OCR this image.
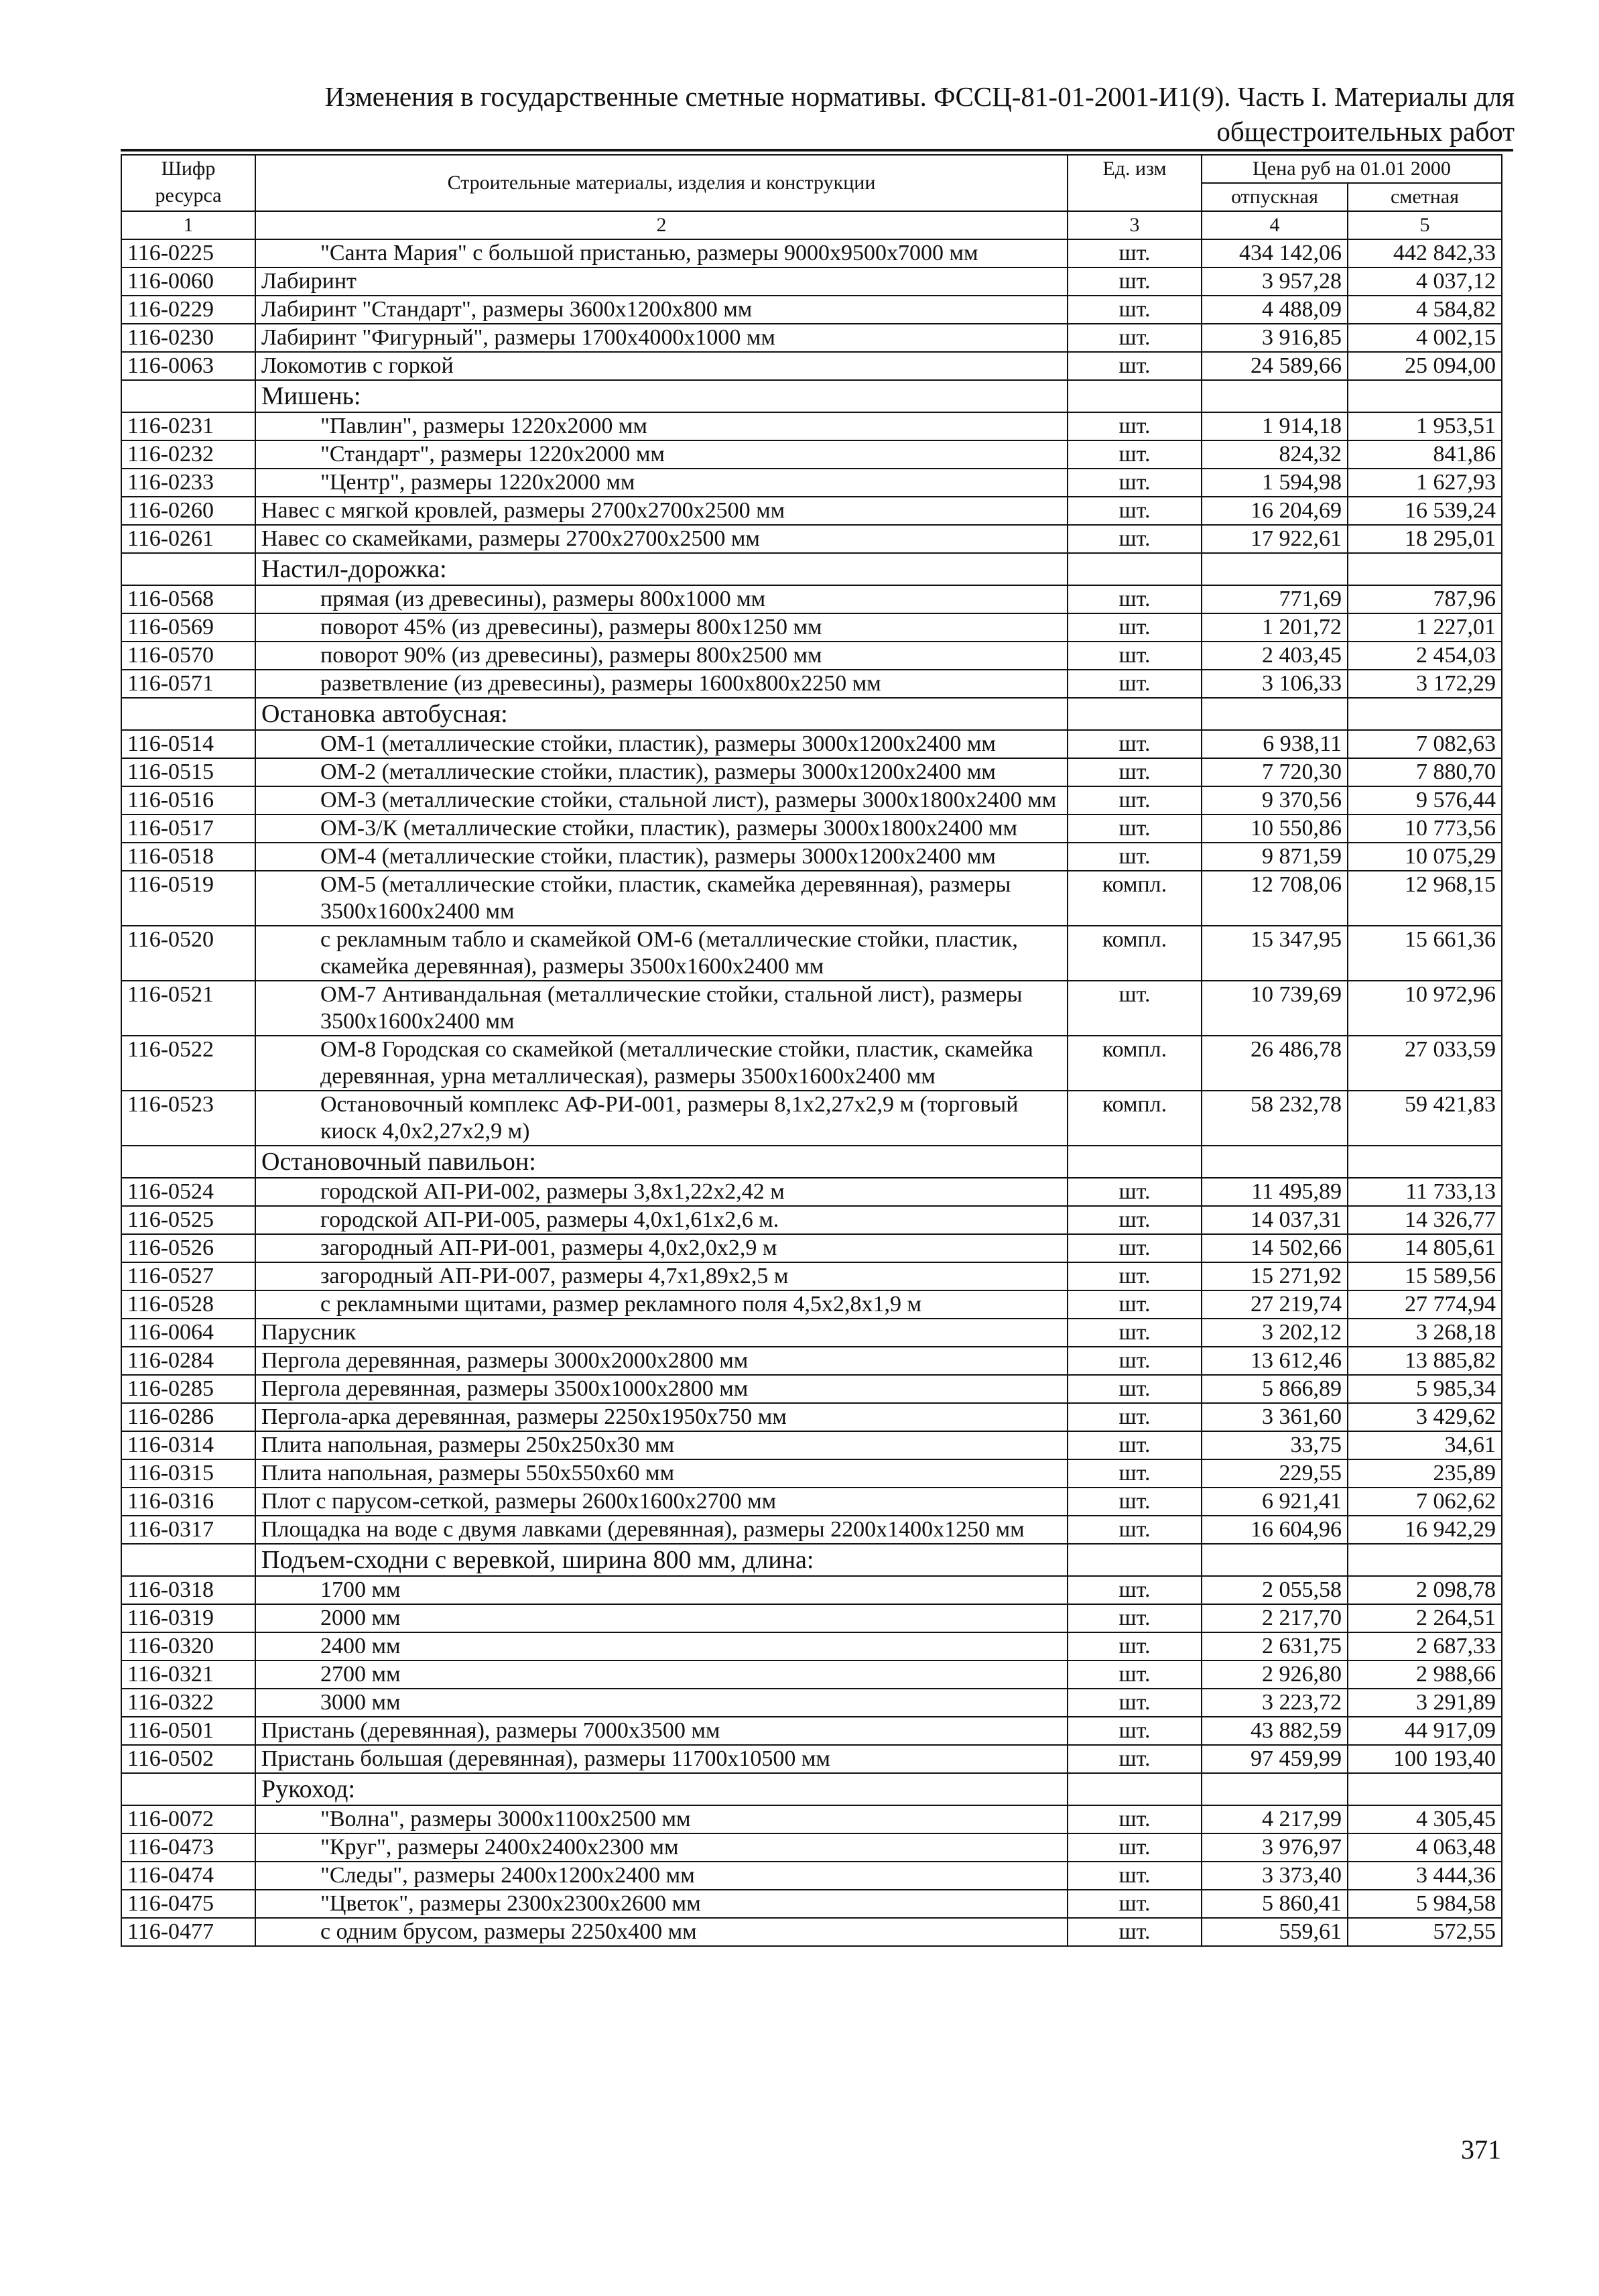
Изменения в государственные сметные нормативы. ФССЦ-81-01-2001-И1(9). Часть I. Материалы для
общестроительных работ
Шифр ресурса	Строительные материалы, изделия и конструкции	Ед. изм	Цена руб на 01.01 2000	
			отпускная	сметная
1	2	3	4	5
116-0225	"Санта Мария" с большой пристанью, размеры 9000х9500х7000 мм	шт.	434 142,06	442 842,33
116-0060	Лабиринт	шт.	3 957,28	4 037,12
116-0229	Лабиринт "Стандарт", размеры 3600х1200х800 мм	шт.	4 488,09	4 584,82
116-0230	Лабиринт "Фигурный", размеры 1700х4000х1000 мм	шт.	3 916,85	4 002,15
116-0063	Локомотив с горкой	шт.	24 589,66	25 094,00
	Мишень:			
116-0231	"Павлин", размеры 1220х2000 мм	шт.	1 914,18	1 953,51
116-0232	"Стандарт", размеры 1220х2000 мм	шт.	824,32	841,86
116-0233	"Центр", размеры 1220х2000 мм	шт.	1 594,98	1 627,93
116-0260	Навес с мягкой кровлей, размеры 2700х2700х2500 мм	шт.	16 204,69	16 539,24
116-0261	Навес со скамейками, размеры 2700х2700х2500 мм	шт.	17 922,61	18 295,01
	Настил-дорожка:			
116-0568	прямая (из древесины), размеры 800х1000 мм	шт.	771,69	787,96
116-0569	поворот 45% (из древесины), размеры 800х1250 мм	шт.	1 201,72	1 227,01
116-0570	поворот 90% (из древесины), размеры 800х2500 мм	шт.	2 403,45	2 454,03
116-0571	разветвление (из древесины), размеры 1600х800х2250 мм	шт.	3 106,33	3 172,29
	Остановка автобусная:			
116-0514	ОМ-1 (металлические стойки, пластик), размеры 3000х1200х2400 мм	шт.	6 938,11	7 082,63
116-0515	ОМ-2 (металлические стойки, пластик), размеры 3000х1200х2400 мм	шт.	7 720,30	7 880,70
116-0516	ОМ-3 (металлические стойки, стальной лист), размеры 3000х1800х2400 мм	шт.	9 370,56	9 576,44
116-0517	ОМ-3/К (металлические стойки, пластик), размеры 3000х1800х2400 мм	шт.	10 550,86	10 773,56
116-0518	ОМ-4 (металлические стойки, пластик), размеры 3000х1200х2400 мм	шт.	9 871,59	10 075,29
116-0519	ОМ-5 (металлические стойки, пластик, скамейка деревянная), размеры 3500х1600х2400 мм	компл.	12 708,06	12 968,15
116-0520	с рекламным табло и скамейкой ОМ-6 (металлические стойки, пластик, скамейка деревянная), размеры 3500х1600х2400 мм	компл.	15 347,95	15 661,36
116-0521	ОМ-7 Антивандальная (металлические стойки, стальной лист), размеры 3500х1600х2400 мм	шт.	10 739,69	10 972,96
116-0522	ОМ-8 Городская со скамейкой (металлические стойки, пластик, скамейка деревянная, урна металлическая), размеры 3500х1600х2400 мм	компл.	26 486,78	27 033,59
116-0523	Остановочный комплекс АФ-РИ-001, размеры 8,1х2,27х2,9 м (торговый киоск 4,0х2,27х2,9 м)	компл.	58 232,78	59 421,83
	Остановочный павильон:			
116-0524	городской АП-РИ-002, размеры 3,8х1,22х2,42 м	шт.	11 495,89	11 733,13
116-0525	городской АП-РИ-005, размеры 4,0х1,61х2,6 м.	шт.	14 037,31	14 326,77
116-0526	загородный АП-РИ-001, размеры 4,0х2,0х2,9 м	шт.	14 502,66	14 805,61
116-0527	загородный АП-РИ-007, размеры 4,7х1,89х2,5 м	шт.	15 271,92	15 589,56
116-0528	с рекламными щитами, размер рекламного поля 4,5х2,8х1,9 м	шт.	27 219,74	27 774,94
116-0064	Парусник	шт.	3 202,12	3 268,18
116-0284	Пергола деревянная, размеры 3000х2000х2800 мм	шт.	13 612,46	13 885,82
116-0285	Пергола деревянная, размеры 3500х1000х2800 мм	шт.	5 866,89	5 985,34
116-0286	Пергола-арка деревянная, размеры 2250х1950х750 мм	шт.	3 361,60	3 429,62
116-0314	Плита напольная, размеры 250х250х30 мм	шт.	33,75	34,61
116-0315	Плита напольная, размеры 550х550х60 мм	шт.	229,55	235,89
116-0316	Плот с парусом-сеткой, размеры 2600х1600х2700 мм	шт.	6 921,41	7 062,62
116-0317	Площадка на воде с двумя лавками (деревянная), размеры 2200х1400х1250 мм	шт.	16 604,96	16 942,29
	Подъем-сходни с веревкой, ширина 800 мм, длина:			
116-0318	1700 мм	шт.	2 055,58	2 098,78
116-0319	2000 мм	шт.	2 217,70	2 264,51
116-0320	2400 мм	шт.	2 631,75	2 687,33
116-0321	2700 мм	шт.	2 926,80	2 988,66
116-0322	3000 мм	шт.	3 223,72	3 291,89
116-0501	Пристань (деревянная), размеры 7000х3500 мм	шт.	43 882,59	44 917,09
116-0502	Пристань большая (деревянная), размеры 11700х10500 мм	шт.	97 459,99	100 193,40
	Рукоход:			
116-0072	"Волна", размеры 3000х1100х2500 мм	шт.	4 217,99	4 305,45
116-0473	"Круг", размеры 2400х2400х2300 мм	шт.	3 976,97	4 063,48
116-0474	"Следы", размеры 2400х1200х2400 мм	шт.	3 373,40	3 444,36
116-0475	"Цветок", размеры 2300х2300х2600 мм	шт.	5 860,41	5 984,58
116-0477	с одним брусом, размеры 2250х400 мм	шт.	559,61	572,55
371
